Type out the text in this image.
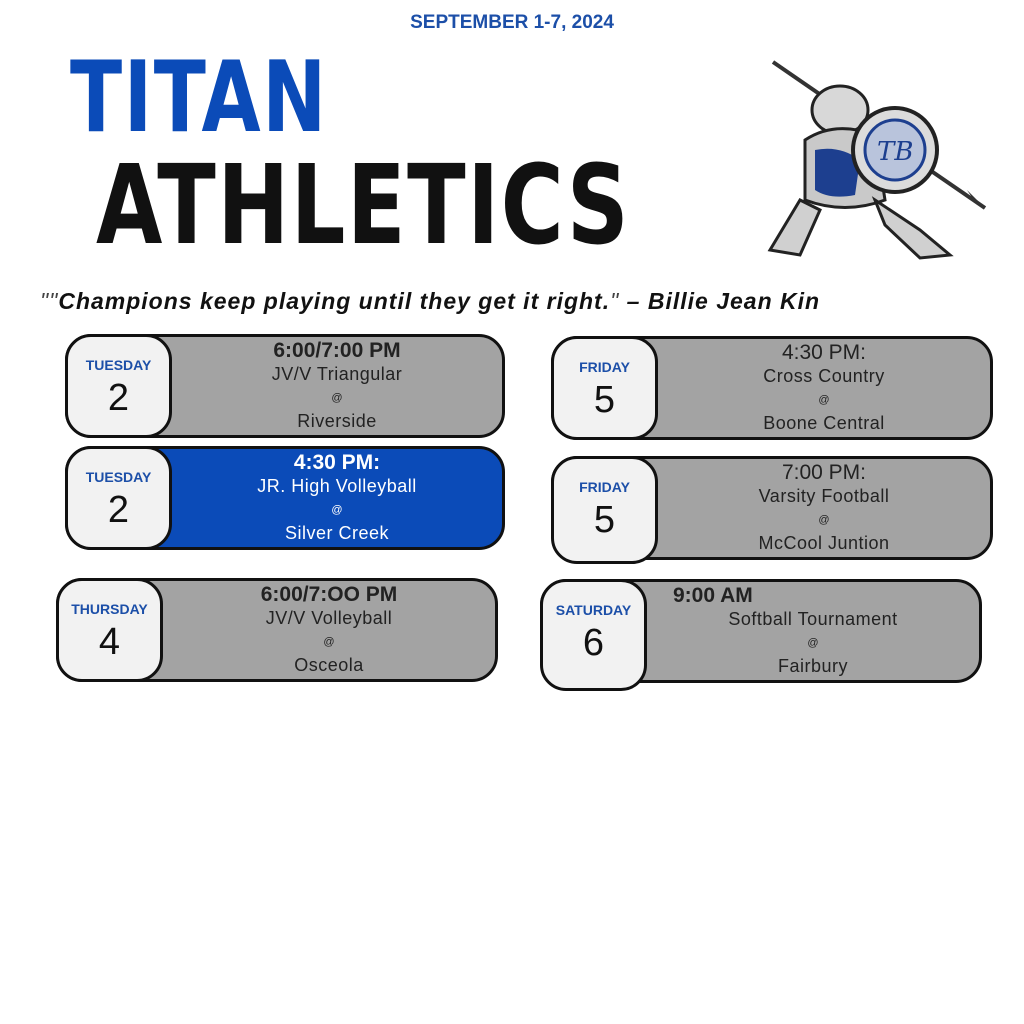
SEPTEMBER 1-7, 2024
TITAN
ATHLETICS	TB
""Champions keep playing until they get it right." – Billie Jean Kin
TUESDAY
2
6:00/7:00 PM
JV/V Triangular
@
Riverside
TUESDAY
2
4:30 PM:
JR. High Volleyball
@
Silver Creek
THURSDAY
4
6:00/7:OO PM
JV/V Volleyball
@
Osceola
FRIDAY
5
4:30 PM:
Cross Country
@
Boone Central
FRIDAY
5
7:00 PM:
Varsity Football
@
McCool Juntion
SATURDAY
6
9:00 AM
Softball Tournament
@
Fairbury
